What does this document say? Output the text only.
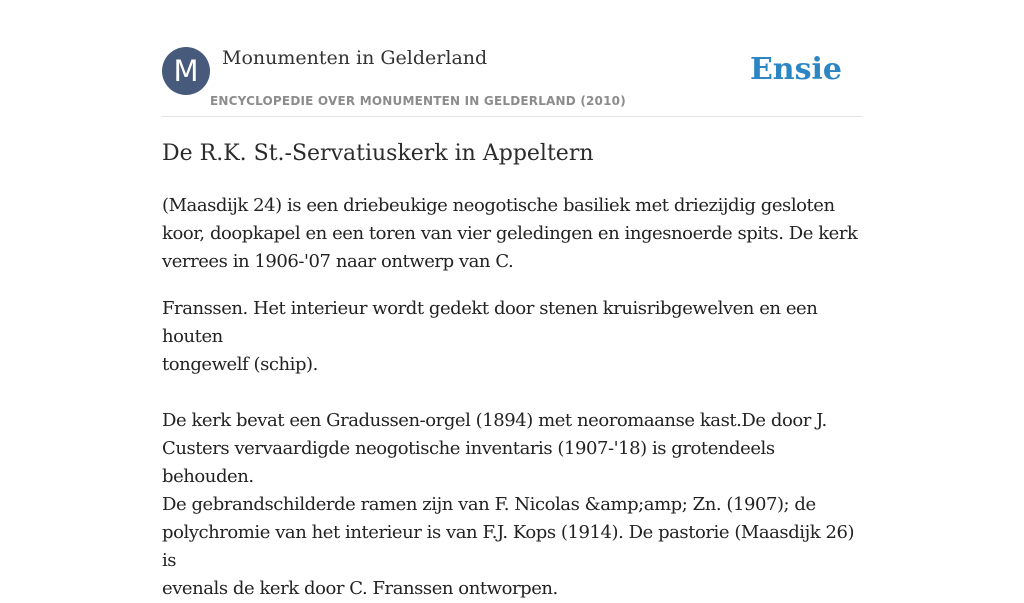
M	Monumenten in Gelderland
ENCYCLOPEDIE OVER MONUMENTEN IN GELDERLAND (2010)
Ensie
De R.K. St.-Servatiuskerk in Appeltern

(Maasdijk 24) is een driebeukige neogotische basiliek met driezijdig gesloten
koor, doopkapel en een toren van vier geledingen en ingesnoerde spits. De kerk
verrees in 1906-'07 naar ontwerp van C.

Franssen. Het interieur wordt gedekt door stenen kruisribgewelven en een houten
tongewelf (schip).

De kerk bevat een Gradussen-orgel (1894) met neoromaanse kast.De door J.
Custers vervaardigde neogotische inventaris (1907-'18) is grotendeels behouden.
De gebrandschilderde ramen zijn van F. Nicolas &amp;amp; Zn. (1907); de
polychromie van het interieur is van F.J. Kops (1914). De pastorie (Maasdijk 26) is
evenals de kerk door C. Franssen ontworpen.
